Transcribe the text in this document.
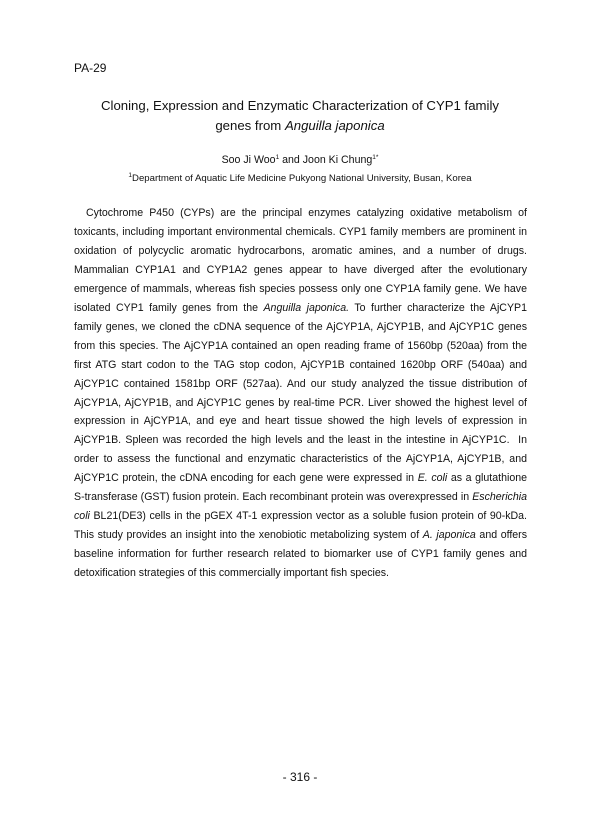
PA-29
Cloning, Expression and Enzymatic Characterization of CYP1 family
genes from Anguilla japonica
Soo Ji Woo$^1$ and Joon Ki Chung$^{1*}$
$^1$Department of Aquatic Life Medicine Pukyong National University, Busan, Korea

Cytochrome P450 (CYPs) are the principal enzymes catalyzing oxidative metabolism of toxicants, including important environmental chemicals. CYP1 family members are prominent in oxidation of polycyclic aromatic hydrocarbons, aromatic amines, and a number of drugs. Mammalian CYP1A1 and CYP1A2 genes appear to have diverged after the evolutionary emergence of mammals, whereas fish species possess only one CYP1A family gene. We have isolated CYP1 family genes from the Anguilla japonica. To further characterize the AjCYP1 family genes, we cloned the cDNA sequence of the AjCYP1A, AjCYP1B, and AjCYP1C genes from this species. The AjCYP1A contained an open reading frame of 1560bp (520aa) from the first ATG start codon to the TAG stop codon, AjCYP1B contained 1620bp ORF (540aa) and AjCYP1C contained 1581bp ORF (527aa). And our study analyzed the tissue distribution of AjCYP1A, AjCYP1B, and AjCYP1C genes by real-time PCR. Liver showed the highest level of expression in AjCYP1A, and eye and heart tissue showed the high levels of expression in AjCYP1B. Spleen was recorded the high levels and the least in the intestine in AjCYP1C.  In order to assess the functional and enzymatic characteristics of the AjCYP1A, AjCYP1B, and AjCYP1C protein, the cDNA encoding for each gene were expressed in E. coli as a glutathione S-transferase (GST) fusion protein. Each recombinant protein was overexpressed in Escherichia coli BL21(DE3) cells in the pGEX 4T-1 expression vector as a soluble fusion protein of 90-kDa. This study provides an insight into the xenobiotic metabolizing system of A. japonica and offers baseline information for further research related to biomarker use of CYP1 family genes and detoxification strategies of this commercially important fish species.

- 316 -
